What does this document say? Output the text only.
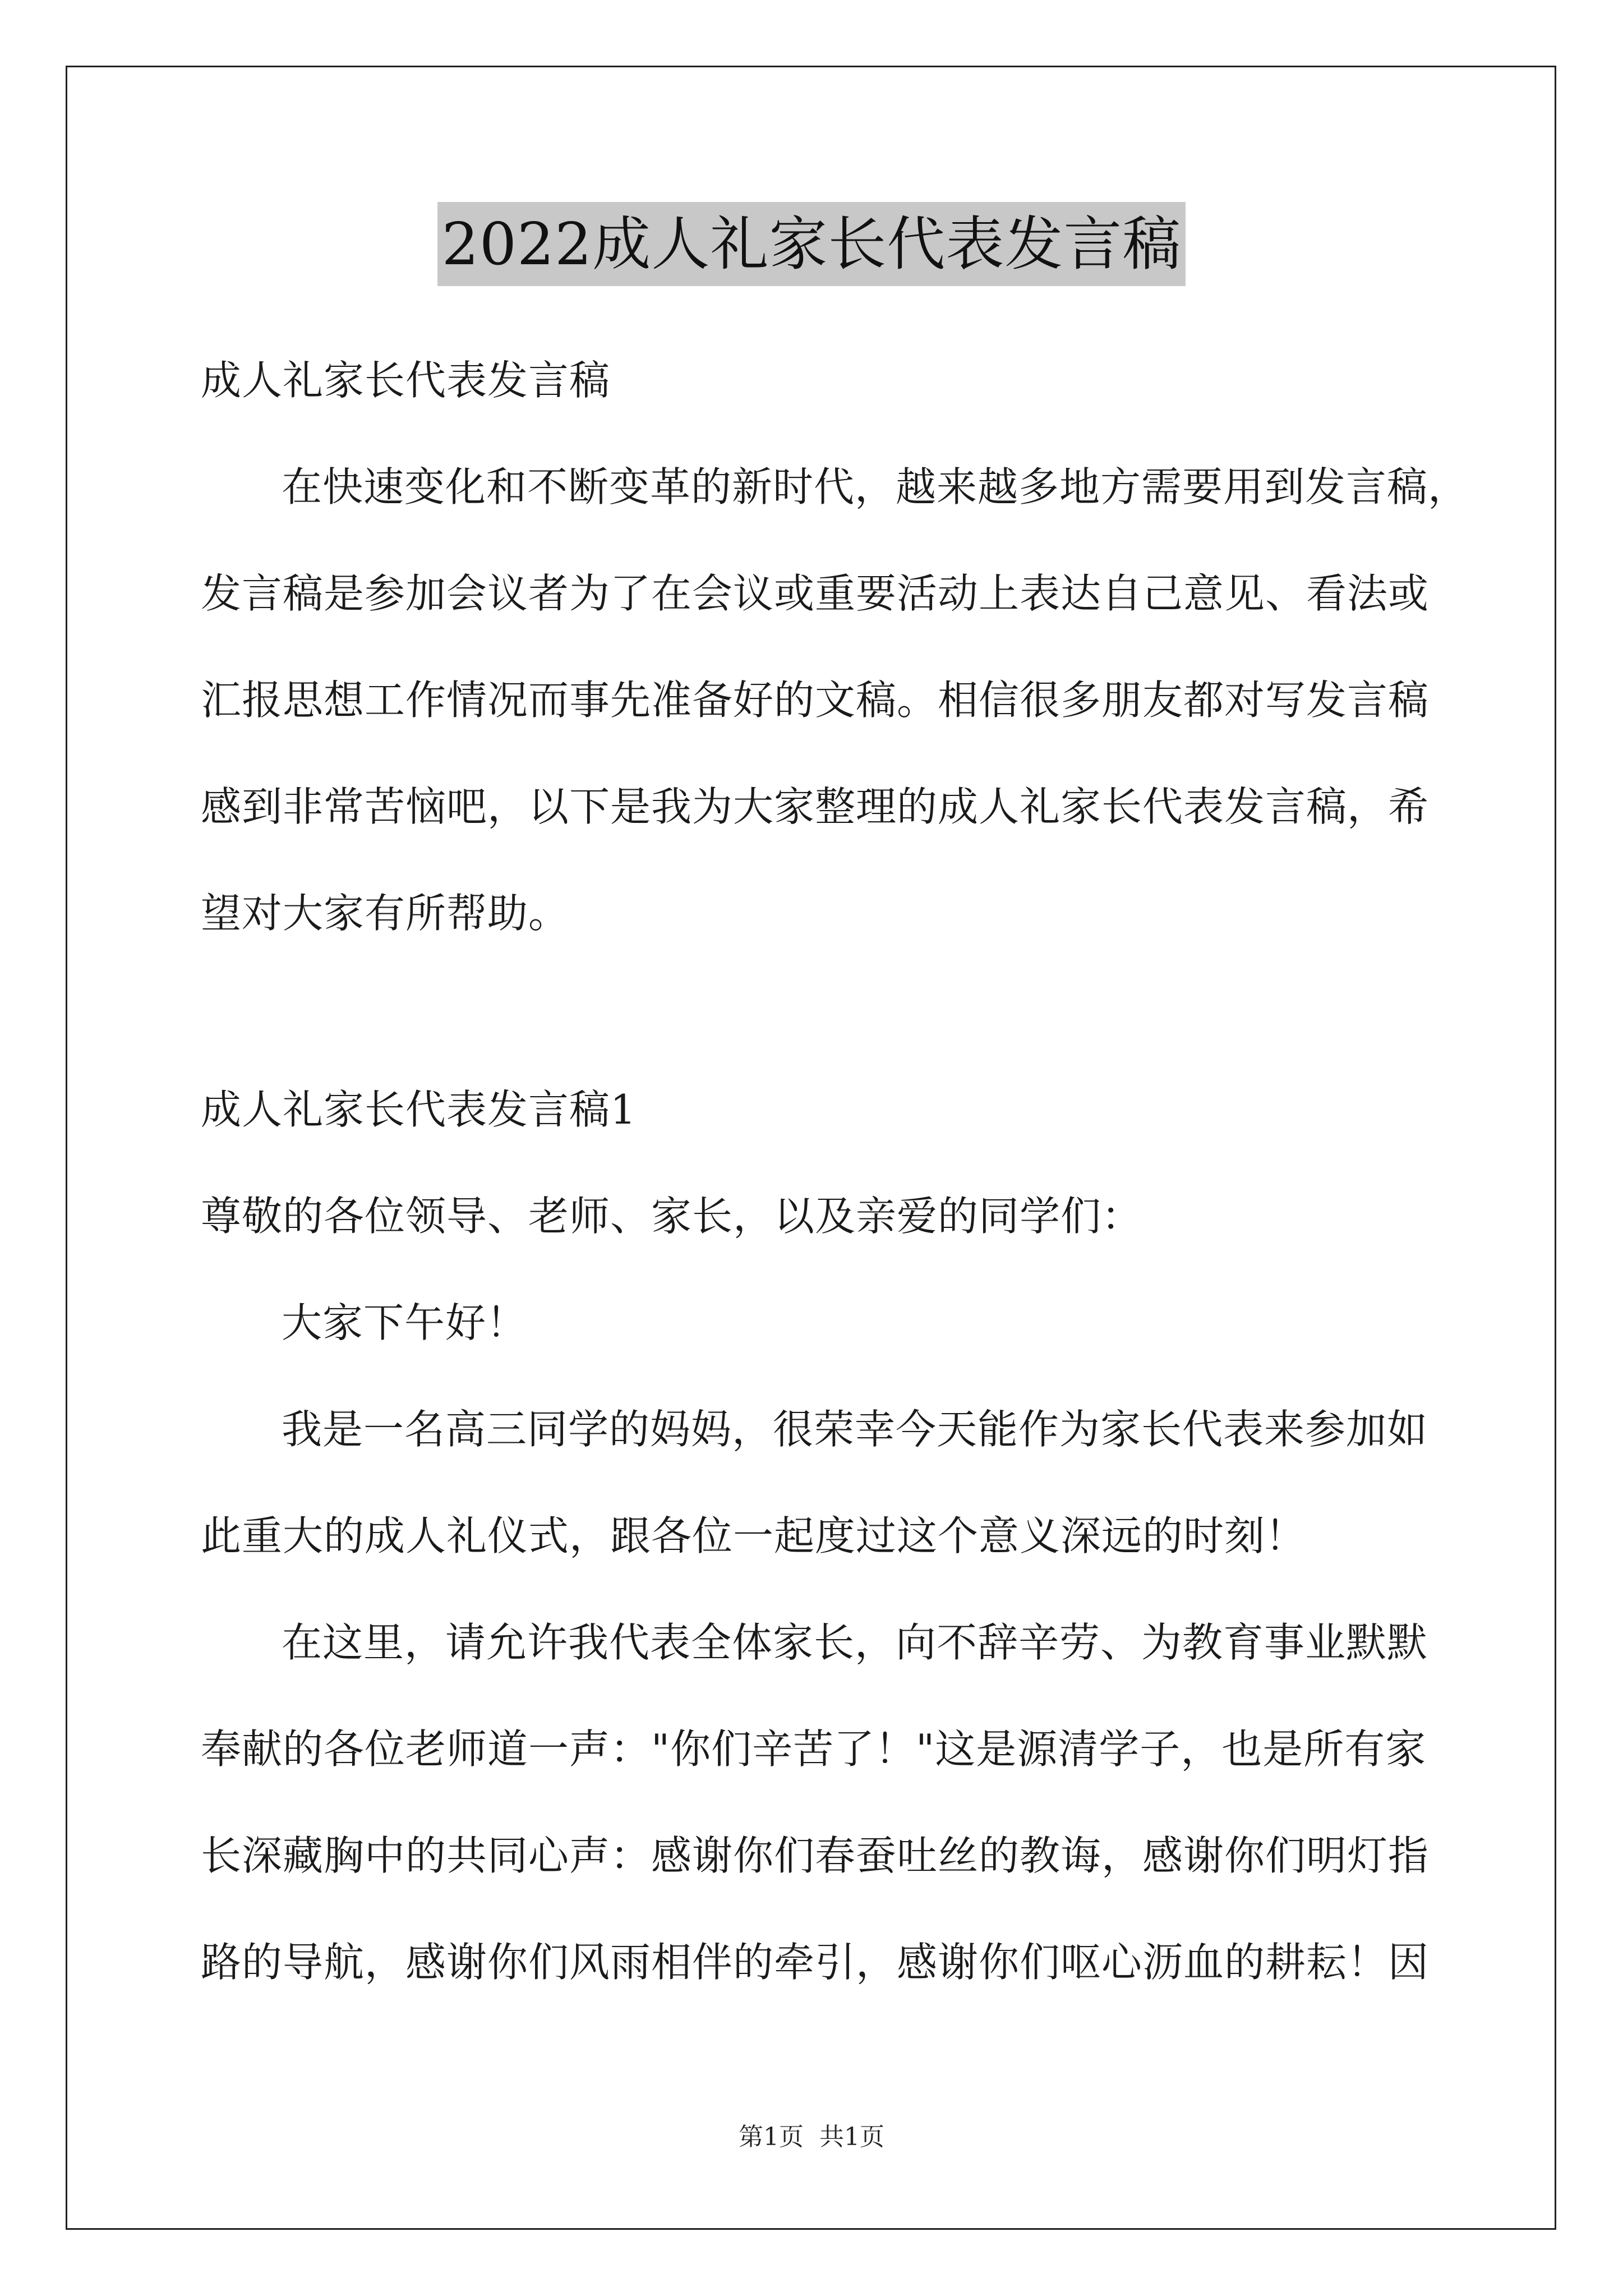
2022成人礼家长代表发言稿
成人礼家长代表发言稿
在快速变化和不断变革的新时代，越来越多地方需要用到发言稿，
发言稿是参加会议者为了在会议或重要活动上表达自己意见、看法或
汇报思想工作情况而事先准备好的文稿。相信很多朋友都对写发言稿
感到非常苦恼吧，以下是我为大家整理的成人礼家长代表发言稿，希
望对大家有所帮助。
成人礼家长代表发言稿1
尊敬的各位领导、老师、家长，以及亲爱的同学们：
大家下午好！
我是一名高三同学的妈妈，很荣幸今天能作为家长代表来参加如
此重大的成人礼仪式，跟各位一起度过这个意义深远的时刻！
在这里，请允许我代表全体家长，向不辞辛劳、为教育事业默默
奉献的各位老师道一声："你们辛苦了！"这是源清学子，也是所有家
长深藏胸中的共同心声：感谢你们春蚕吐丝的教诲，感谢你们明灯指
路的导航，感谢你们风雨相伴的牵引，感谢你们呕心沥血的耕耘！因
第1页 共1页
